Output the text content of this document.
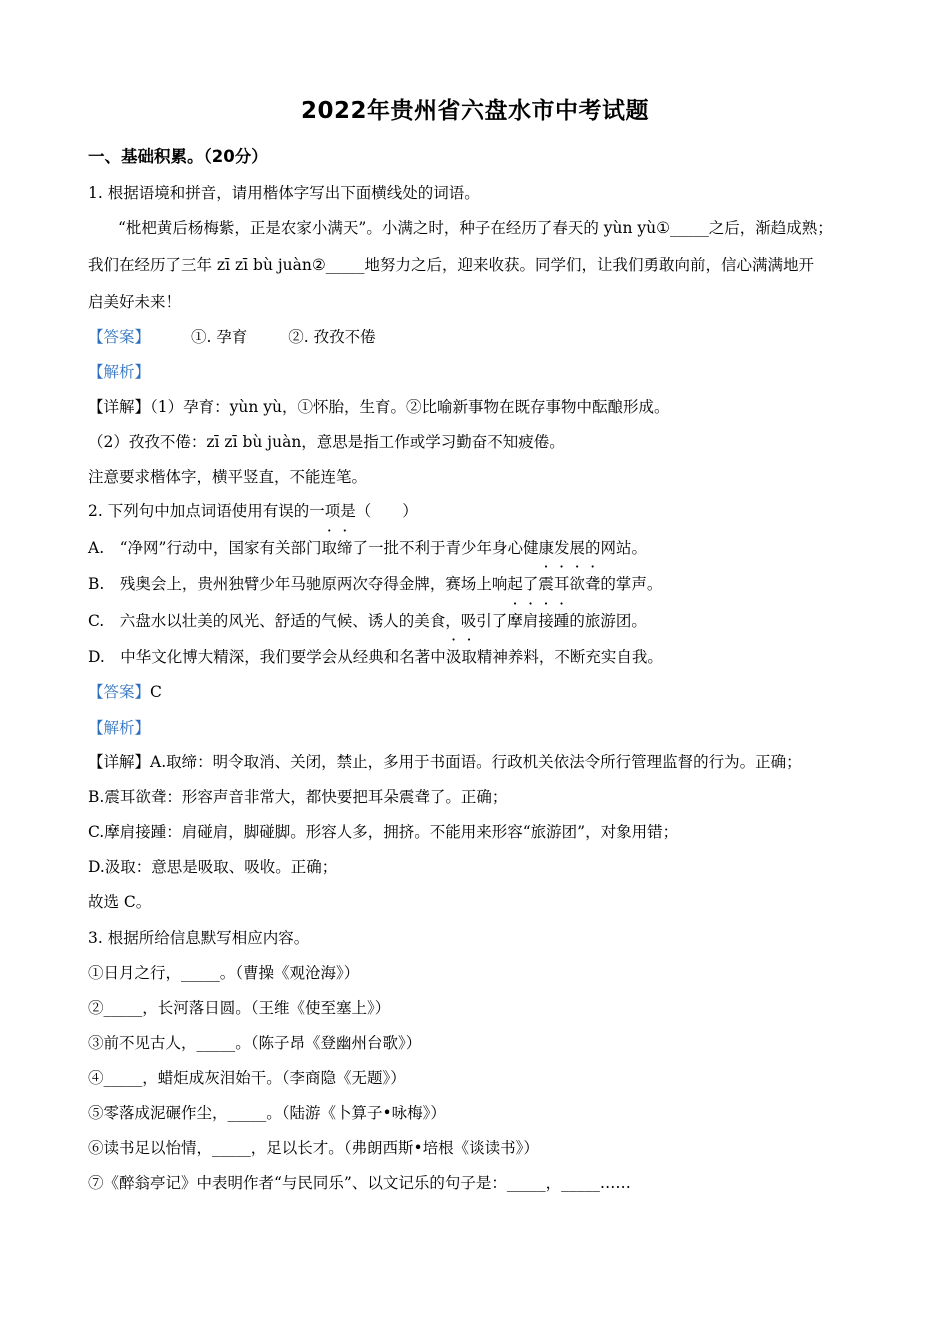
2022年贵州省六盘水市中考试题
一、基础积累。（20分）
1. 根据语境和拼音，请用楷体字写出下面横线处的词语。
“枇杷黄后杨梅紫，正是农家小满天”。小满之时，种子在经历了春天的 yùn yù①_____之后，渐趋成熟；
我们在经历了三年 zī zī bù juàn②_____地努力之后，迎来收获。同学们，让我们勇敢向前，信心满满地开
启美好未来！
【答案】	①. 孕育	②. 孜孜不倦
【解析】
【详解】（1）孕育：yùn yù，①怀胎，生育。②比喻新事物在既存事物中酝酿形成。
（2）孜孜不倦：zī zī bù juàn，意思是指工作或学习勤奋不知疲倦。
注意要求楷体字，横平竖直，不能连笔。
2. 下列句中加点词语使用有误的一项是（　　）
A.　“净网”行动中，国家有关部门取缔了一批不利于青少年身心健康发展的网站。
B.　残奥会上，贵州独臂少年马驰原两次夺得金牌，赛场上响起了震耳欲聋的掌声。
C.　六盘水以壮美的风光、舒适的气候、诱人的美食，吸引了摩肩接踵的旅游团。
D.　中华文化博大精深，我们要学会从经典和名著中汲取精神养料，不断充实自我。
【答案】C
【解析】
【详解】A.取缔：明令取消、关闭，禁止，多用于书面语。行政机关依法令所行管理监督的行为。正确；
B.震耳欲聋：形容声音非常大，都快要把耳朵震聋了。正确；
C.摩肩接踵：肩碰肩，脚碰脚。形容人多，拥挤。不能用来形容“旅游团”，对象用错；
D.汲取：意思是吸取、吸收。正确；
故选 C。
3. 根据所给信息默写相应内容。
①日月之行，_____。（曹操《观沧海》）
②_____，长河落日圆。（王维《使至塞上》）
③前不见古人，_____。（陈子昂《登幽州台歌》）
④_____，蜡炬成灰泪始干。（李商隐《无题》）
⑤零落成泥碾作尘，_____。（陆游《卜算子•咏梅》）
⑥读书足以怡情，_____，足以长才。（弗朗西斯•培根《谈读书》）
⑦《醉翁亭记》中表明作者“与民同乐”、以文记乐的句子是：_____，_____……
